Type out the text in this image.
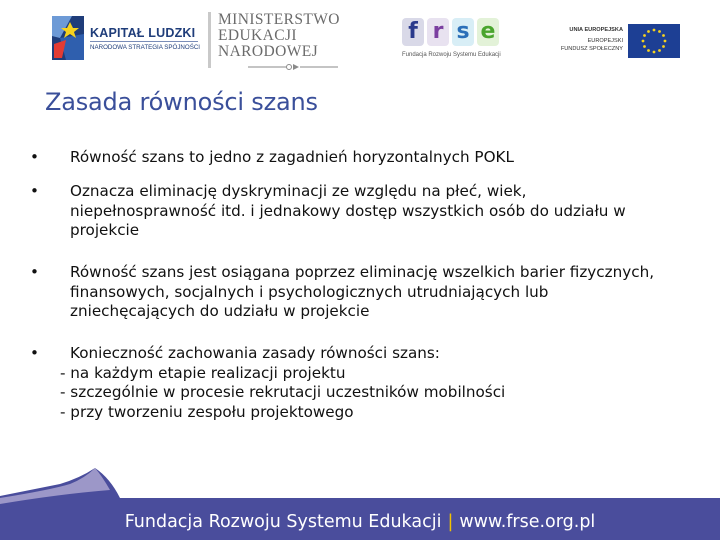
KAPITAŁ LUDZKI
NARODOWA STRATEGIA SPÓJNOŚCI
MINISTERSTWO
EDUKACJI
NARODOWEJ
f r s e
Fundacja Rozwoju Systemu Edukacji
UNIA EUROPEJSKA
EUROPEJSKI
FUNDUSZ SPOŁECZNY
Zasada równości szans
•	Równość szans to jedno z zagadnień horyzontalnych POKL
•	Oznacza eliminację dyskryminacji ze względu na płeć, wiek, niepełnosprawność itd. i jednakowy dostęp wszystkich osób do udziału w projekcie
•	Równość szans jest osiągana poprzez eliminację wszelkich barier fizycznych, finansowych, socjalnych i psychologicznych utrudniających lub zniechęcających do udziału w projekcie
•	Konieczność zachowania zasady równości szans:
- na każdym etapie realizacji projektu
- szczególnie w procesie rekrutacji uczestników mobilności
- przy tworzeniu zespołu projektowego
Fundacja Rozwoju Systemu Edukacji | www.frse.org.pl
